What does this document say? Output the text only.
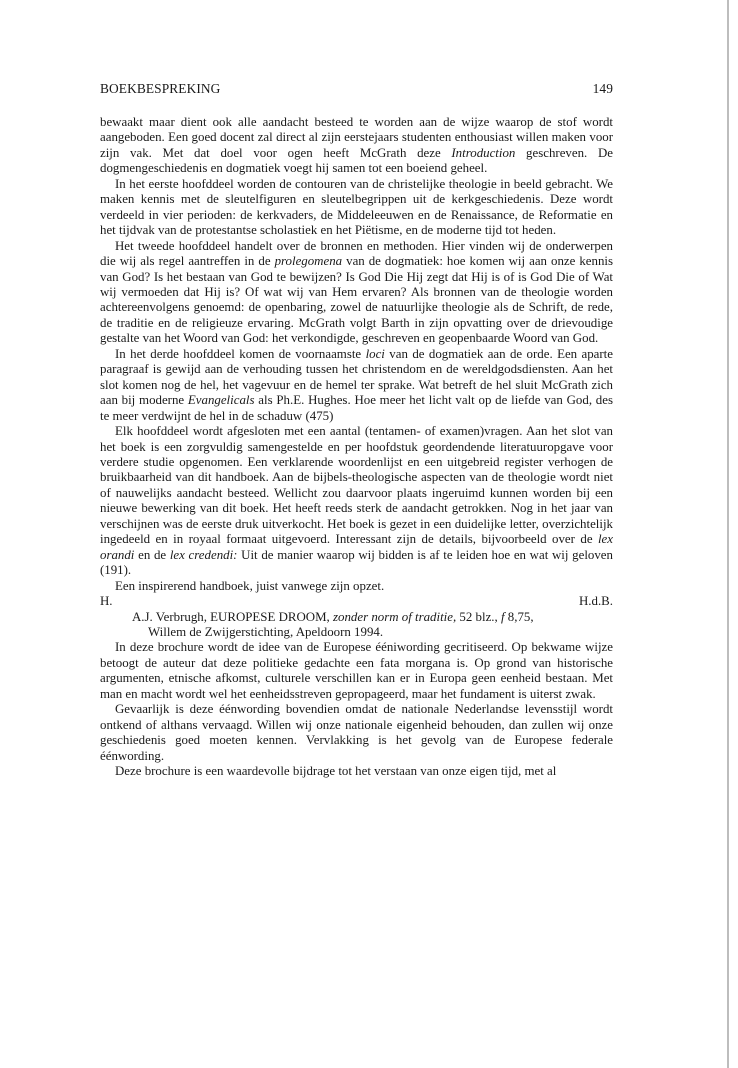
BOEKBESPREKING	149

bewaakt maar dient ook alle aandacht besteed te worden aan de wijze waarop de stof wordt aangeboden. Een goed docent zal direct al zijn eerstejaars studenten enthousiast willen maken voor zijn vak. Met dat doel voor ogen heeft McGrath deze Introduction geschreven. De dogmengeschiedenis en dogmatiek voegt hij samen tot een boeiend geheel.

In het eerste hoofddeel worden de contouren van de christelijke theologie in beeld gebracht. We maken kennis met de sleutelfiguren en sleutelbegrippen uit de kerkgeschiedenis. Deze wordt verdeeld in vier perioden: de kerkvaders, de Middeleeuwen en de Renaissance, de Reformatie en het tijdvak van de protestantse scholastiek en het Piëtisme, en de moderne tijd tot heden.

Het tweede hoofddeel handelt over de bronnen en methoden. Hier vinden wij de onderwerpen die wij als regel aantreffen in de prolegomena van de dogmatiek: hoe komen wij aan onze kennis van God? Is het bestaan van God te bewijzen? Is God Die Hij zegt dat Hij is of is God Die of Wat wij vermoeden dat Hij is? Of wat wij van Hem ervaren? Als bronnen van de theologie worden achtereenvolgens genoemd: de openbaring, zowel de natuurlijke theologie als de Schrift, de rede, de traditie en de religieuze ervaring. McGrath volgt Barth in zijn opvatting over de drievoudige gestalte van het Woord van God: het verkondigde, geschreven en geopenbaarde Woord van God.

In het derde hoofddeel komen de voornaamste loci van de dogmatiek aan de orde. Een aparte paragraaf is gewijd aan de verhouding tussen het christendom en de wereldgodsdiensten. Aan het slot komen nog de hel, het vagevuur en de hemel ter sprake. Wat betreft de hel sluit McGrath zich aan bij moderne Evangelicals als Ph.E. Hughes. Hoe meer het licht valt op de liefde van God, des te meer verdwijnt de hel in de schaduw (475)

Elk hoofddeel wordt afgesloten met een aantal (tentamen- of examen)vragen. Aan het slot van het boek is een zorgvuldig samengestelde en per hoofdstuk geordendende literatuuropgave voor verdere studie opgenomen. Een verklarende woordenlijst en een uitgebreid register verhogen de bruikbaarheid van dit handboek. Aan de bijbels-theologische aspecten van de theologie wordt niet of nauwelijks aandacht besteed. Wellicht zou daarvoor plaats ingeruimd kunnen worden bij een nieuwe bewerking van dit boek. Het heeft reeds sterk de aandacht getrokken. Nog in het jaar van verschijnen was de eerste druk uitverkocht. Het boek is gezet in een duidelijke letter, overzichtelijk ingedeeld en in royaal formaat uitgevoerd. Interessant zijn de details, bijvoorbeeld over de lex orandi en de lex credendi: Uit de manier waarop wij bidden is af te leiden hoe en wat wij geloven (191).

Een inspirerend handboek, juist vanwege zijn opzet.

H.	H.d.B.

A.J. Verbrugh, EUROPESE DROOM, zonder norm of traditie, 52 blz., f 8,75,
Willem de Zwijgerstichting, Apeldoorn 1994.

In deze brochure wordt de idee van de Europese ééniwording gecritiseerd. Op bekwame wijze betoogt de auteur dat deze politieke gedachte een fata morgana is. Op grond van historische argumenten, etnische afkomst, culturele verschillen kan er in Europa geen eenheid bestaan. Met man en macht wordt wel het eenheidsstreven gepropageerd, maar het fundament is uiterst zwak.

Gevaarlijk is deze éénwording bovendien omdat de nationale Nederlandse levensstijl wordt ontkend of althans vervaagd. Willen wij onze nationale eigenheid behouden, dan zullen wij onze geschiedenis goed moeten kennen. Vervlakking is het gevolg van de Europese federale éénwording.

Deze brochure is een waardevolle bijdrage tot het verstaan van onze eigen tijd, met al
